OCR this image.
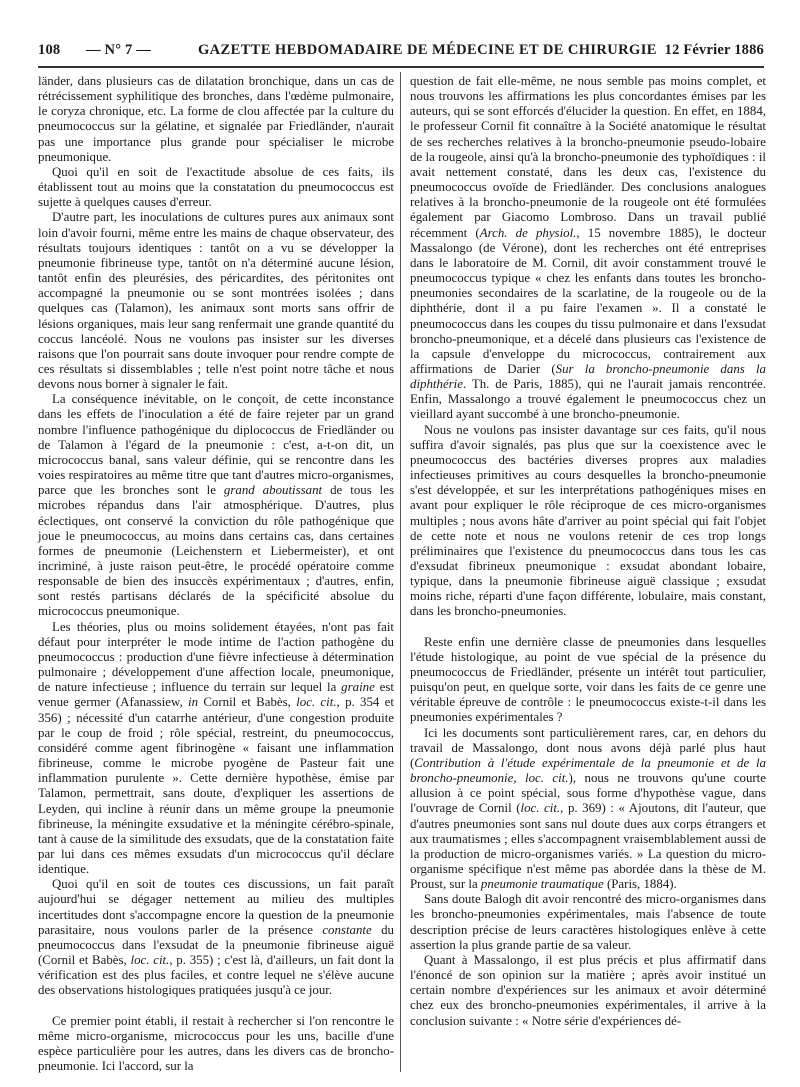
108 — N° 7 —	GAZETTE HEBDOMADAIRE DE MÉDECINE ET DE CHIRURGIE 12 Février 1886

länder, dans plusieurs cas de dilatation bronchique, dans un cas de rétrécissement syphilitique des bronches, dans l'œdème pulmonaire, le coryza chronique, etc. La forme de clou affectée par la culture du pneumococcus sur la gélatine, et signalée par Friedländer, n'aurait pas une importance plus grande pour spécialiser le microbe pneumonique.

Quoi qu'il en soit de l'exactitude absolue de ces faits, ils établissent tout au moins que la constatation du pneumococcus est sujette à quelques causes d'erreur.

D'autre part, les inoculations de cultures pures aux animaux sont loin d'avoir fourni, même entre les mains de chaque observateur, des résultats toujours identiques : tantôt on a vu se développer la pneumonie fibrineuse type, tantôt on n'a déterminé aucune lésion, tantôt enfin des pleurésies, des péricardites, des péritonites ont accompagné la pneumonie ou se sont montrées isolées ; dans quelques cas (Talamon), les animaux sont morts sans offrir de lésions organiques, mais leur sang renfermait une grande quantité du coccus lancéolé. Nous ne voulons pas insister sur les diverses raisons que l'on pourrait sans doute invoquer pour rendre compte de ces résultats si dissemblables ; telle n'est point notre tâche et nous devons nous borner à signaler le fait.

La conséquence inévitable, on le conçoit, de cette inconstance dans les effets de l'inoculation a été de faire rejeter par un grand nombre l'influence pathogénique du diplococcus de Friedländer ou de Talamon à l'égard de la pneumonie : c'est, a-t-on dit, un micrococcus banal, sans valeur définie, qui se rencontre dans les voies respiratoires au même titre que tant d'autres micro-organismes, parce que les bronches sont le grand aboutissant de tous les microbes répandus dans l'air atmosphérique. D'autres, plus éclectiques, ont conservé la conviction du rôle pathogénique que joue le pneumococcus, au moins dans certains cas, dans certaines formes de pneumonie (Leichenstern et Liebermeister), et ont incriminé, à juste raison peut-être, le procédé opératoire comme responsable de bien des insuccès expérimentaux ; d'autres, enfin, sont restés partisans déclarés de la spécificité absolue du micrococcus pneumonique.

Les théories, plus ou moins solidement étayées, n'ont pas fait défaut pour interpréter le mode intime de l'action pathogène du pneumococcus : production d'une fièvre infectieuse à détermination pulmonaire ; développement d'une affection locale, pneumonique, de nature infectieuse ; influence du terrain sur lequel la graine est venue germer (Afanassiew, in Cornil et Babès, loc. cit., p. 354 et 356) ; nécessité d'un catarrhe antérieur, d'une congestion produite par le coup de froid ; rôle spécial, restreint, du pneumococcus, considéré comme agent fibrinogène « faisant une inflammation fibrineuse, comme le microbe pyogène de Pasteur fait une inflammation purulente ». Cette dernière hypothèse, émise par Talamon, permettrait, sans doute, d'expliquer les assertions de Leyden, qui incline à réunir dans un même groupe la pneumonie fibrineuse, la méningite exsudative et la méningite cérébro-spinale, tant à cause de la similitude des exsudats, que de la constatation faite par lui dans ces mêmes exsudats d'un micrococcus qu'il déclare identique.

Quoi qu'il en soit de toutes ces discussions, un fait paraît aujourd'hui se dégager nettement au milieu des multiples incertitudes dont s'accompagne encore la question de la pneumonie parasitaire, nous voulons parler de la présence constante du pneumococcus dans l'exsudat de la pneumonie fibrineuse aiguë (Cornil et Babès, loc. cit., p. 355) ; c'est là, d'ailleurs, un fait dont la vérification est des plus faciles, et contre lequel ne s'élève aucune des observations histologiques pratiquées jusqu'à ce jour.

Ce premier point établi, il restait à rechercher si l'on rencontre le même micro-organisme, micrococcus pour les uns, bacille d'une espèce particulière pour les autres, dans les divers cas de broncho-pneumonie. Ici l'accord, sur la

question de fait elle-même, ne nous semble pas moins complet, et nous trouvons les affirmations les plus concordantes émises par les auteurs, qui se sont efforcés d'élucider la question. En effet, en 1884, le professeur Cornil fit connaître à la Société anatomique le résultat de ses recherches relatives à la broncho-pneumonie pseudo-lobaire de la rougeole, ainsi qu'à la broncho-pneumonie des typhoïdiques : il avait nettement constaté, dans les deux cas, l'existence du pneumococcus ovoïde de Friedländer. Des conclusions analogues relatives à la broncho-pneumonie de la rougeole ont été formulées également par Giacomo Lombroso. Dans un travail publié récemment (Arch. de physiol., 15 novembre 1885), le docteur Massalongo (de Vérone), dont les recherches ont été entreprises dans le laboratoire de M. Cornil, dit avoir constamment trouvé le pneumococcus typique « chez les enfants dans toutes les broncho-pneumonies secondaires de la scarlatine, de la rougeole ou de la diphthérie, dont il a pu faire l'examen ». Il a constaté le pneumococcus dans les coupes du tissu pulmonaire et dans l'exsudat broncho-pneumonique, et a décelé dans plusieurs cas l'existence de la capsule d'enveloppe du micrococcus, contrairement aux affirmations de Darier (Sur la broncho-pneumonie dans la diphthérie. Th. de Paris, 1885), qui ne l'aurait jamais rencontrée. Enfin, Massalongo a trouvé également le pneumococcus chez un vieillard ayant succombé à une broncho-pneumonie.

Nous ne voulons pas insister davantage sur ces faits, qu'il nous suffira d'avoir signalés, pas plus que sur la coexistence avec le pneumococcus des bactéries diverses propres aux maladies infectieuses primitives au cours desquelles la broncho-pneumonie s'est développée, et sur les interprétations pathogéniques mises en avant pour expliquer le rôle réciproque de ces micro-organismes multiples ; nous avons hâte d'arriver au point spécial qui fait l'objet de cette note et nous ne voulons retenir de ces trop longs préliminaires que l'existence du pneumococcus dans tous les cas d'exsudat fibrineux pneumonique : exsudat abondant lobaire, typique, dans la pneumonie fibrineuse aiguë classique ; exsudat moins riche, réparti d'une façon différente, lobulaire, mais constant, dans les broncho-pneumonies.

Reste enfin une dernière classe de pneumonies dans lesquelles l'étude histologique, au point de vue spécial de la présence du pneumococcus de Friedländer, présente un intérêt tout particulier, puisqu'on peut, en quelque sorte, voir dans les faits de ce genre une véritable épreuve de contrôle : le pneumococcus existe-t-il dans les pneumonies expérimentales ?

Ici les documents sont particulièrement rares, car, en dehors du travail de Massalongo, dont nous avons déjà parlé plus haut (Contribution à l'étude expérimentale de la pneumonie et de la broncho-pneumonie, loc. cit.), nous ne trouvons qu'une courte allusion à ce point spécial, sous forme d'hypothèse vague, dans l'ouvrage de Cornil (loc. cit., p. 369) : « Ajoutons, dit l'auteur, que d'autres pneumonies sont sans nul doute dues aux corps étrangers et aux traumatismes ; elles s'accompagnent vraisemblablement aussi de la production de micro-organismes variés. » La question du micro-organisme spécifique n'est même pas abordée dans la thèse de M. Proust, sur la pneumonie traumatique (Paris, 1884).

Sans doute Balogh dit avoir rencontré des micro-organismes dans les broncho-pneumonies expérimentales, mais l'absence de toute description précise de leurs caractères histologiques enlève à cette assertion la plus grande partie de sa valeur.

Quant à Massalongo, il est plus précis et plus affirmatif dans l'énoncé de son opinion sur la matière ; après avoir institué un certain nombre d'expériences sur les animaux et avoir déterminé chez eux des broncho-pneumonies expérimentales, il arrive à la conclusion suivante : « Notre série d'expériences dé-
